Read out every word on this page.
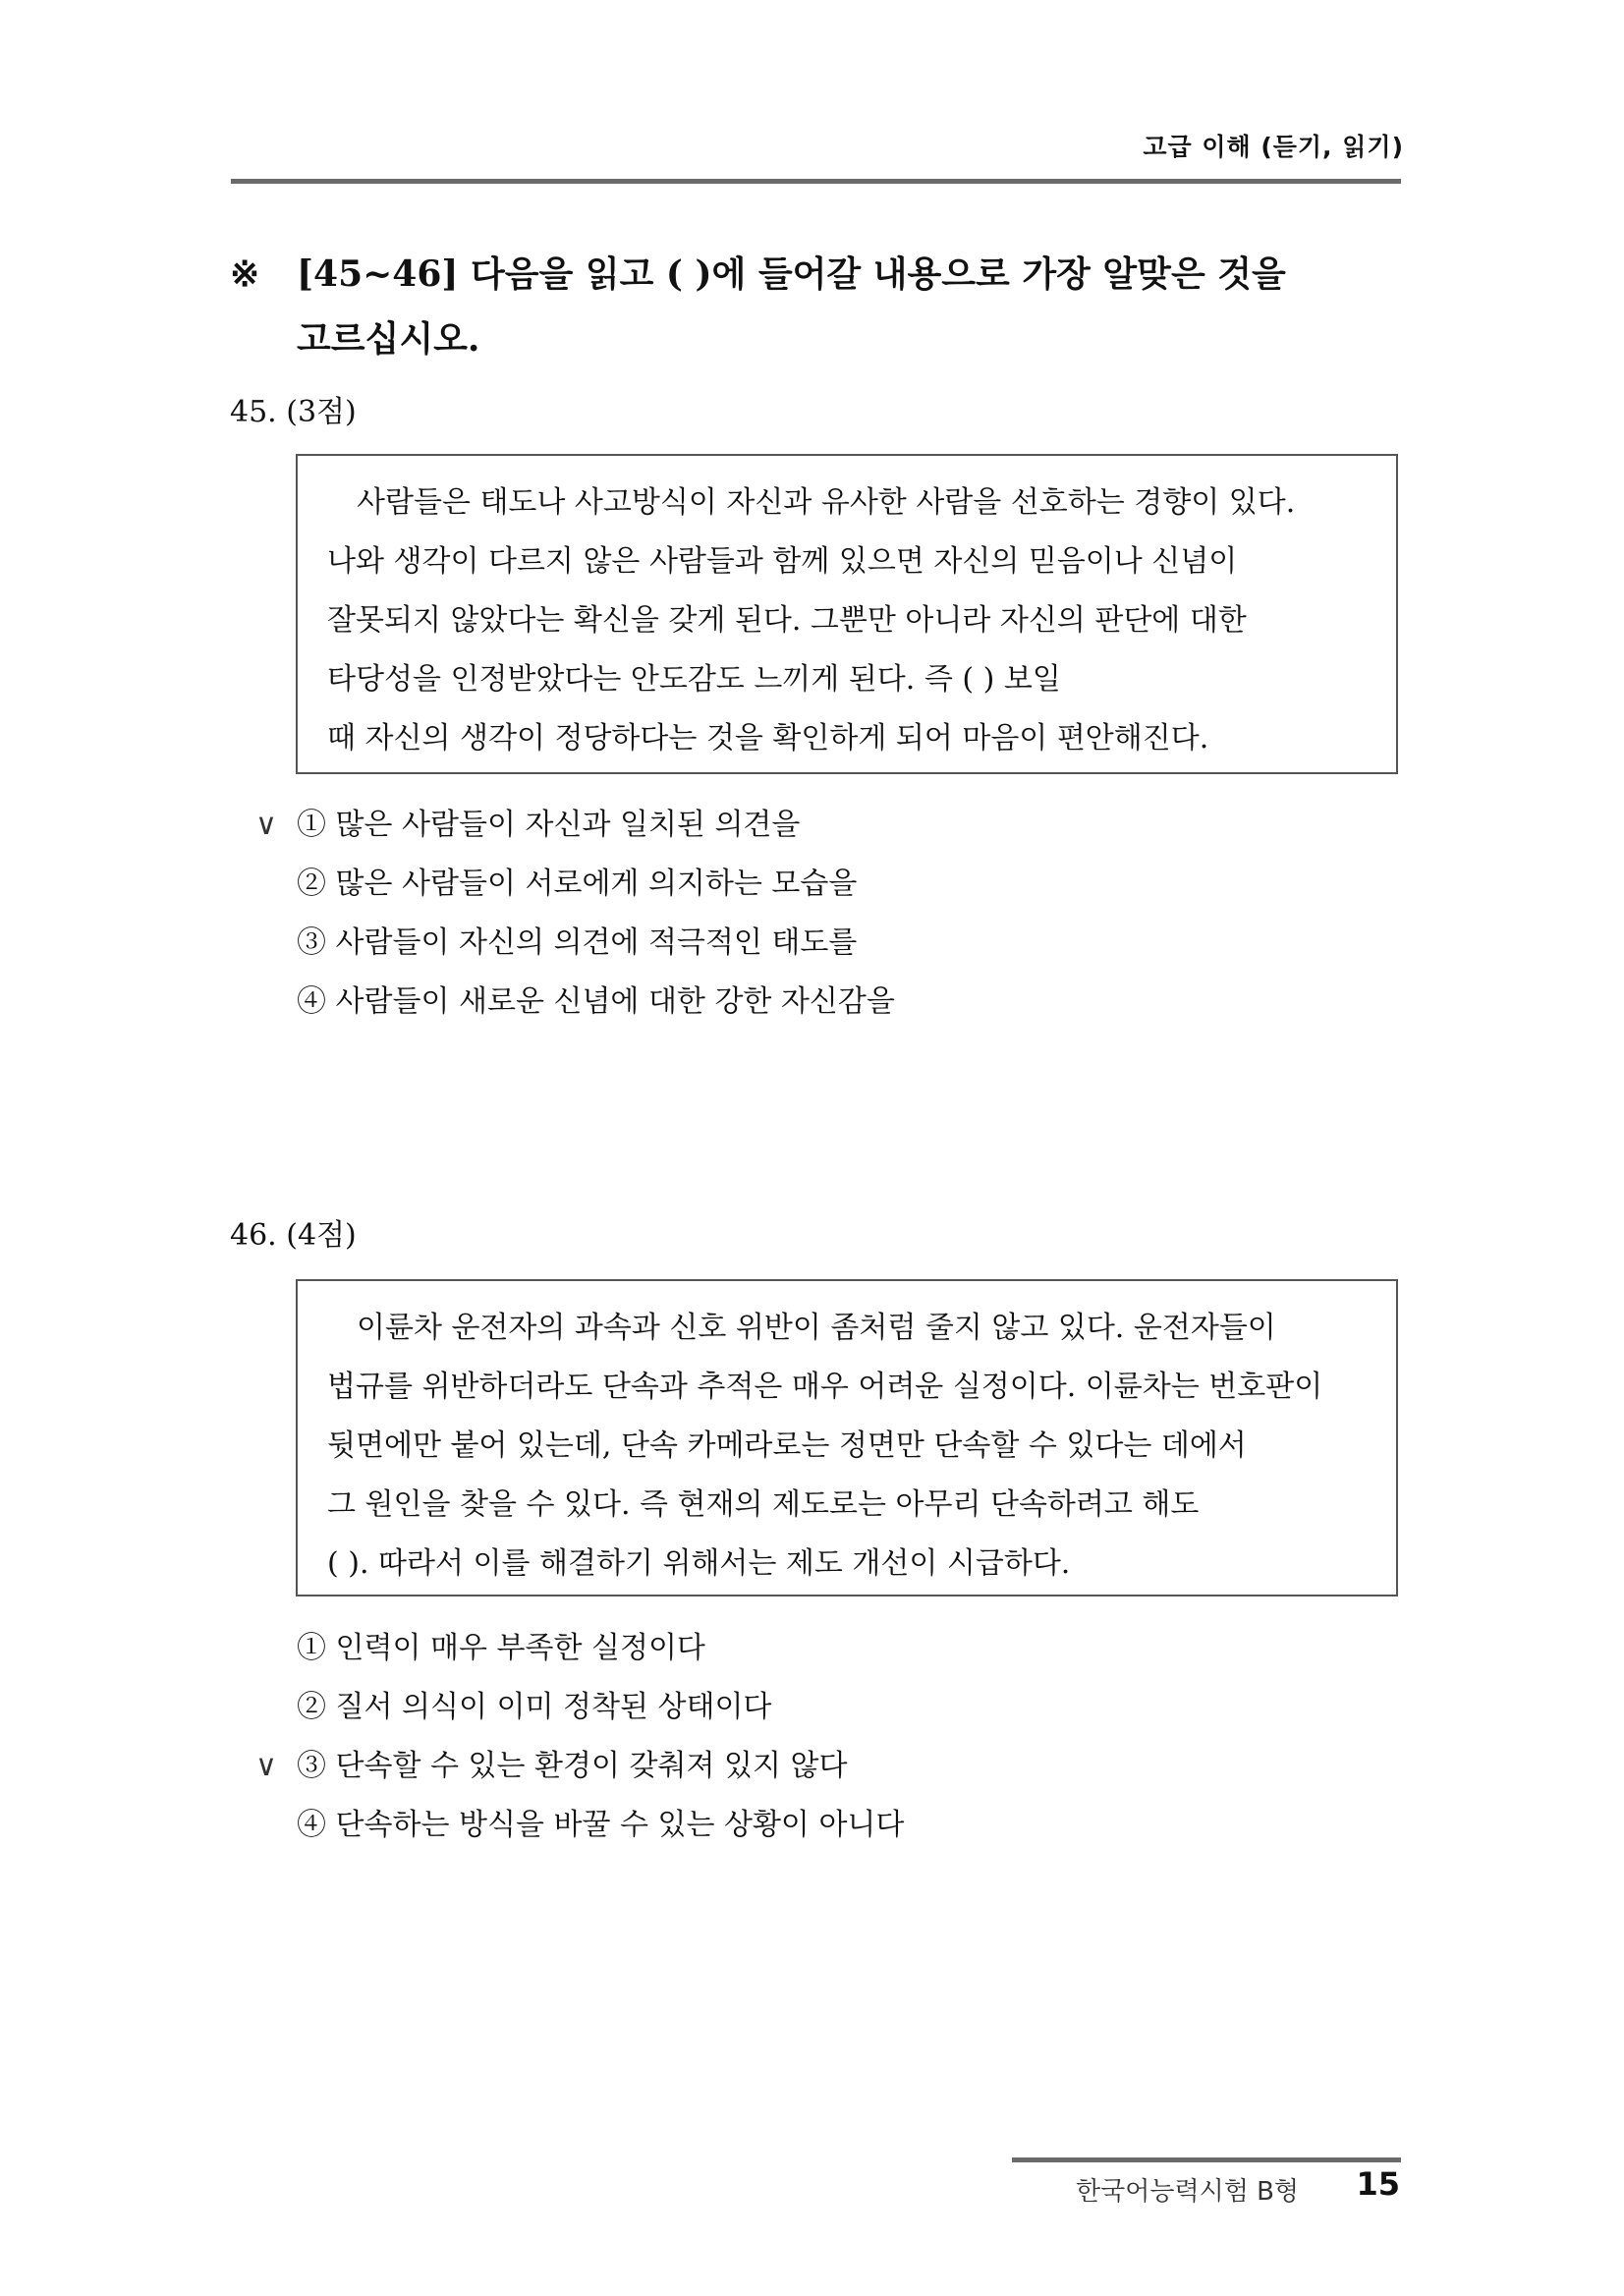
고급 이해 (듣기, 읽기)
※ [45~46] 다음을 읽고 ( )에 들어갈 내용으로 가장 알맞은 것을
고르십시오.
45. (3점)

사람들은 태도나 사고방식이 자신과 유사한 사람을 선호하는 경향이 있다.

나와 생각이 다르지 않은 사람들과 함께 있으면 자신의 믿음이나 신념이

잘못되지 않았다는 확신을 갖게 된다. 그뿐만 아니라 자신의 판단에 대한

타당성을 인정받았다는 안도감도 느끼게 된다. 즉 ( ) 보일

때 자신의 생각이 정당하다는 것을 확인하게 되어 마음이 편안해진다.

∨ ① 많은 사람들이 자신과 일치된 의견을
② 많은 사람들이 서로에게 의지하는 모습을
③ 사람들이 자신의 의견에 적극적인 태도를
④ 사람들이 새로운 신념에 대한 강한 자신감을
46. (4점)

이륜차 운전자의 과속과 신호 위반이 좀처럼 줄지 않고 있다. 운전자들이

법규를 위반하더라도 단속과 추적은 매우 어려운 실정이다. 이륜차는 번호판이

뒷면에만 붙어 있는데, 단속 카메라로는 정면만 단속할 수 있다는 데에서

그 원인을 찾을 수 있다. 즉 현재의 제도로는 아무리 단속하려고 해도

( ). 따라서 이를 해결하기 위해서는 제도 개선이 시급하다.

① 인력이 매우 부족한 실정이다
② 질서 의식이 이미 정착된 상태이다
∨ ③ 단속할 수 있는 환경이 갖춰져 있지 않다
④ 단속하는 방식을 바꿀 수 있는 상황이 아니다
한국어능력시험 B형 15
